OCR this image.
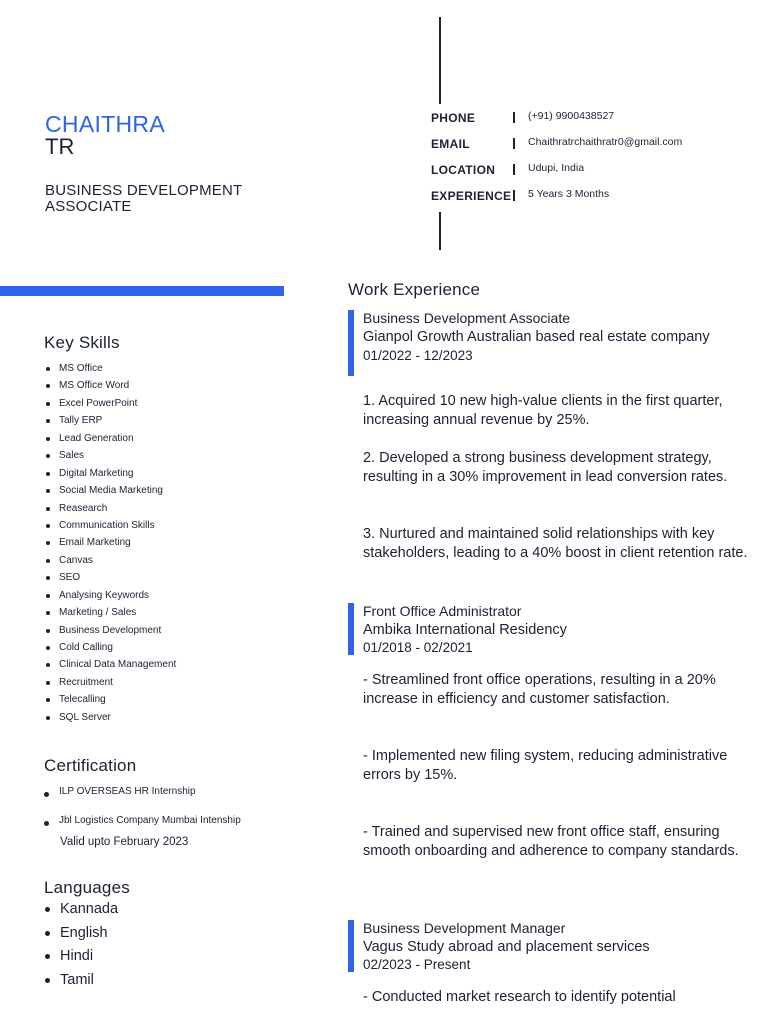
CHAITHRA
TR
BUSINESS DEVELOPMENT ASSOCIATE
PHONE	(+91) 9900438527
EMAIL	Chaithratrchaithratr0@gmail.com
LOCATION	Udupi, India
EXPERIENCE 5 Years 3 Months
Key Skills
MS Office
MS Office Word
Excel PowerPoint
Tally ERP
Lead Generation
Sales
Digital Marketing
Social Media Marketing
Reasearch
Communication Skills
Email Marketing
Canvas
SEO
Analysing Keywords
Marketing / Sales
Business Development
Cold Calling
Clinical Data Management
Recruitment
Telecalling
SQL Server
Certification
ILP OVERSEAS HR Internship
Jbl Logistics Company Mumbai Intenship
Valid upto February 2023
Languages
Kannada
English
Hindi
Tamil
Work Experience
Business Development Associate
Gianpol Growth Australian based real estate company
01/2022 - 12/2023
1. Acquired 10 new high-value clients in the first quarter, increasing annual revenue by 25%.
2. Developed a strong business development strategy, resulting in a 30% improvement in lead conversion rates.
3. Nurtured and maintained solid relationships with key stakeholders, leading to a 40% boost in client retention rate.
Front Office Administrator
Ambika International Residency
01/2018 - 02/2021
- Streamlined front office operations, resulting in a 20% increase in efficiency and customer satisfaction.
- Implemented new filing system, reducing administrative errors by 15%.
- Trained and supervised new front office staff, ensuring smooth onboarding and adherence to company standards.
Business Development Manager
Vagus Study abroad and placement services
02/2023 - Present
- Conducted market research to identify potential
